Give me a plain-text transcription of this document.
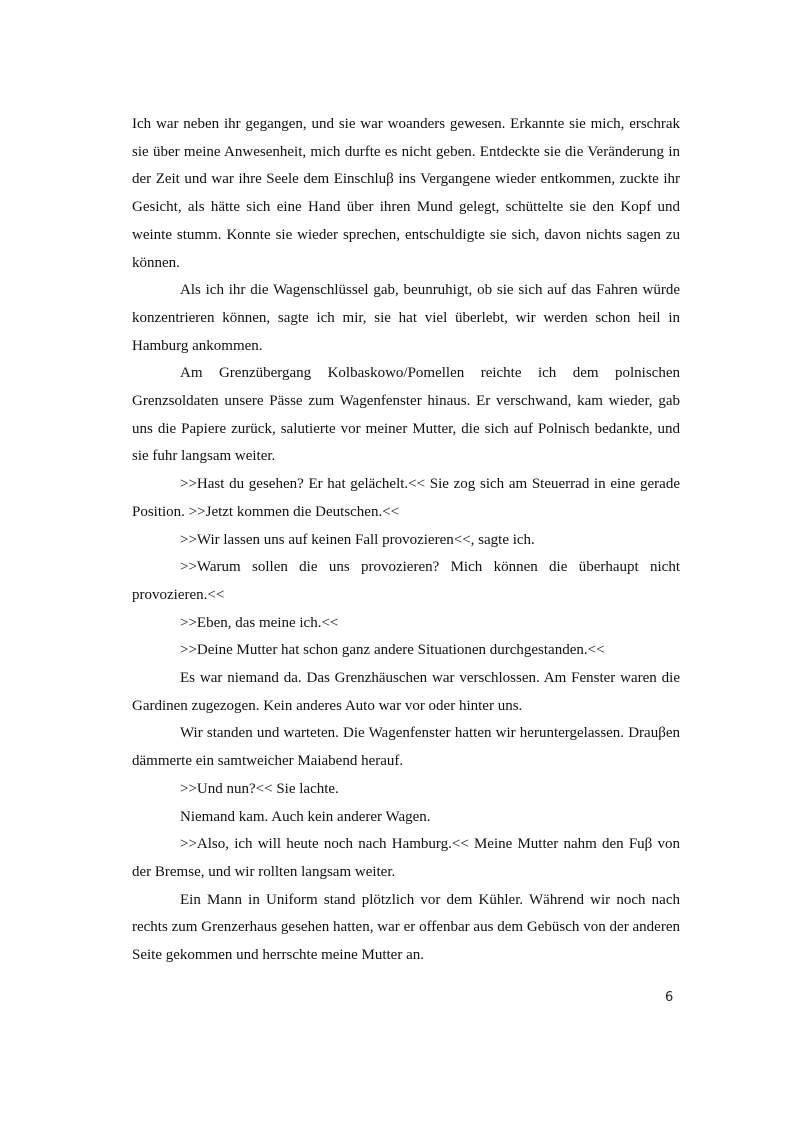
Ich war neben ihr gegangen, und sie war woanders gewesen. Erkannte sie mich, erschrak sie über meine Anwesenheit, mich durfte es nicht geben. Entdeckte sie die Veränderung in der Zeit und war ihre Seele dem Einschluβ ins Vergangene wieder entkommen, zuckte ihr Gesicht, als hätte sich eine Hand über ihren Mund gelegt, schüttelte sie den Kopf und weinte stumm. Konnte sie wieder sprechen, entschuldigte sie sich, davon nichts sagen zu können.

Als ich ihr die Wagenschlüssel gab, beunruhigt, ob sie sich auf das Fahren würde konzentrieren können, sagte ich mir, sie hat viel überlebt, wir werden schon heil in Hamburg ankommen.

Am Grenzübergang Kolbaskowo/Pomellen reichte ich dem polnischen Grenzsoldaten unsere Pässe zum Wagenfenster hinaus. Er verschwand, kam wieder, gab uns die Papiere zurück, salutierte vor meiner Mutter, die sich auf Polnisch bedankte, und sie fuhr langsam weiter.

>>Hast du gesehen? Er hat gelächelt.<< Sie zog sich am Steuerrad in eine gerade Position. >>Jetzt kommen die Deutschen.<<

>>Wir lassen uns auf keinen Fall provozieren<<, sagte ich.

>>Warum sollen die uns provozieren? Mich können die überhaupt nicht provozieren.<<

>>Eben, das meine ich.<<

>>Deine Mutter hat schon ganz andere Situationen durchgestanden.<<

Es war niemand da. Das Grenzhäuschen war verschlossen. Am Fenster waren die Gardinen zugezogen. Kein anderes Auto war vor oder hinter uns.

Wir standen und warteten. Die Wagenfenster hatten wir heruntergelassen. Drauβen dämmerte ein samtweicher Maiabend herauf.

>>Und nun?<< Sie lachte.

Niemand kam. Auch kein anderer Wagen.

>>Also, ich will heute noch nach Hamburg.<< Meine Mutter nahm den Fuβ von der Bremse, und wir rollten langsam weiter.

Ein Mann in Uniform stand plötzlich vor dem Kühler. Während wir noch nach rechts zum Grenzerhaus gesehen hatten, war er offenbar aus dem Gebüsch von der anderen Seite gekommen und herrschte meine Mutter an.

6
